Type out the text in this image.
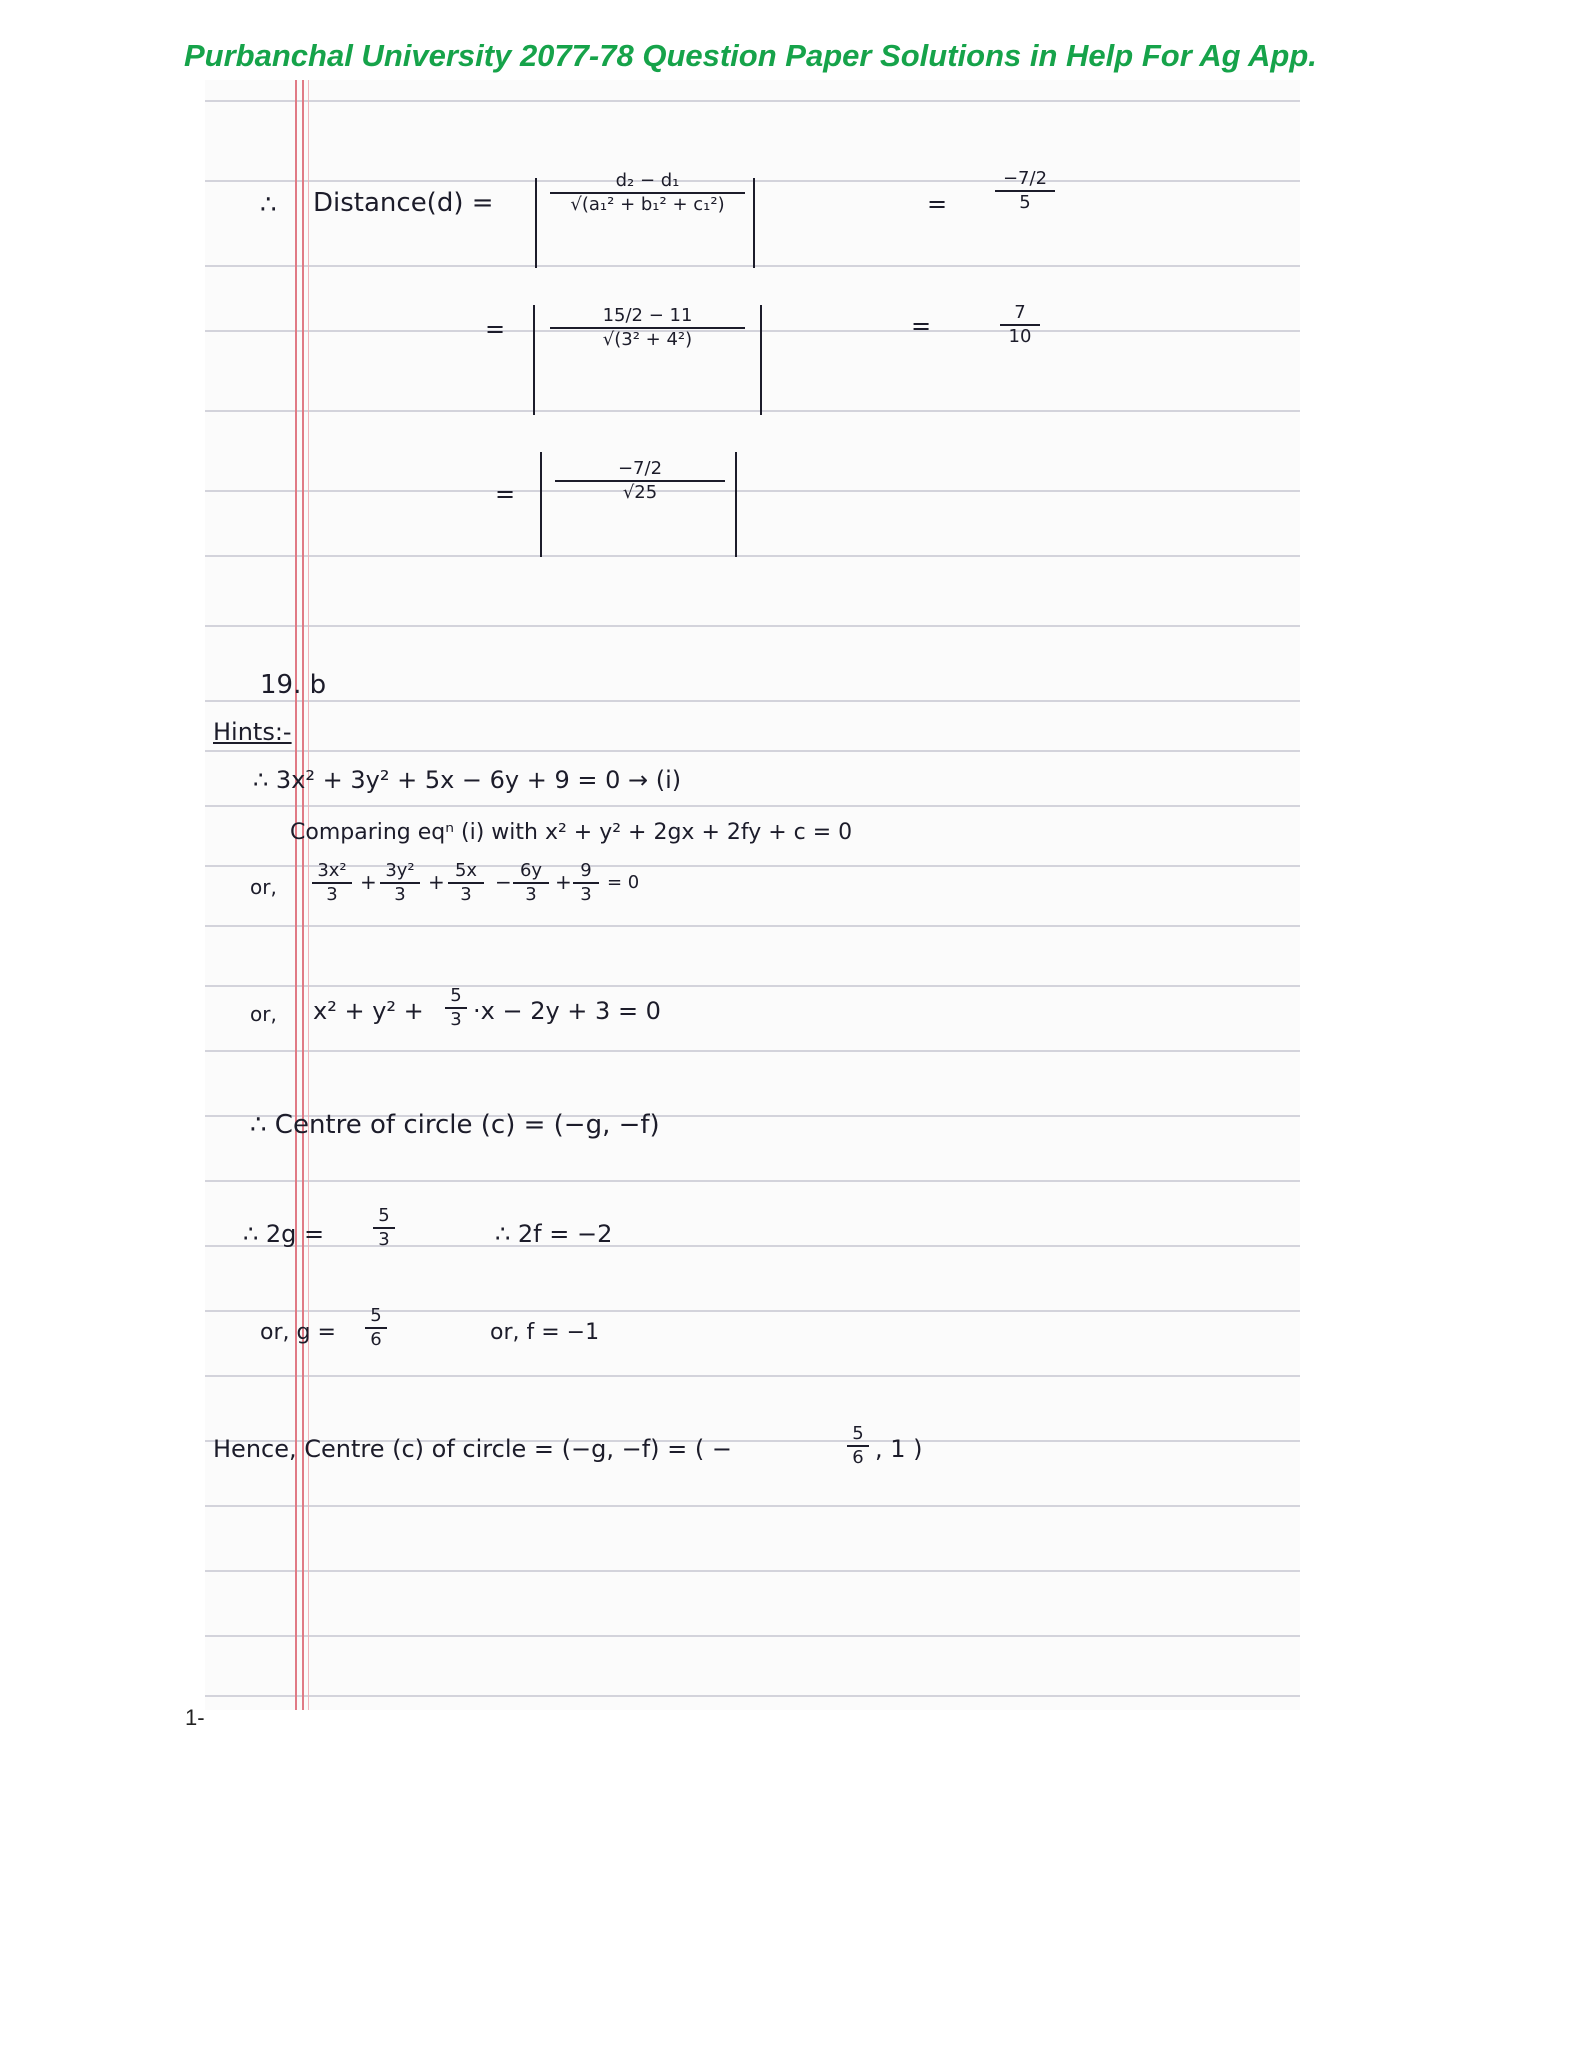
Purbanchal University 2077-78 Question Paper Solutions in Help For Ag App.
∴ Distance(d) =
d₂ − d₁
√(a₁² + b₁² + c₁²)
=	15/2 − 11
√(3² + 4²)
=
−7/2
√25
=
−7/2
5
=	7
10
19. b
Hints:-
∴ 3x² + 3y² + 5x − 6y + 9 = 0 → (i)
Comparing eqⁿ (i) with x² + y² + 2gx + 2fy + c = 0
or,
3x²
3 + 3y²
3 + 5x
3 − 6y
3 + 9
3
= 0
or, x² + y² +
5
3 ·x − 2y + 3 = 0
∴ Centre of circle (c) = (−g, −f)
∴ 2g =
5
3	∴ 2f = −2
or, g =
5
6	or, f = −1
Hence, Centre (c) of circle = (−g, −f) = ( −
5
6 , 1 )
1-
